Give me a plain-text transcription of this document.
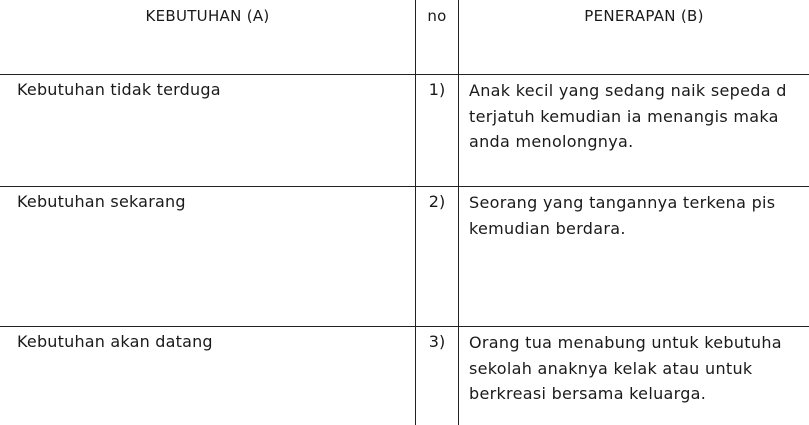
KEBUTUHAN (A)	no	PENERAPAN (B)
Kebutuhan tidak terduga	1)	Anak kecil yang sedang naik sepeda d
terjatuh kemudian ia menangis maka
anda menolongnya.

Kebutuhan sekarang	2)	Seorang yang tangannya terkena pis
kemudian berdara.

Kebutuhan akan datang	3)	Orang tua menabung untuk kebutuha
sekolah anaknya kelak atau untuk
berkreasi bersama keluarga.
